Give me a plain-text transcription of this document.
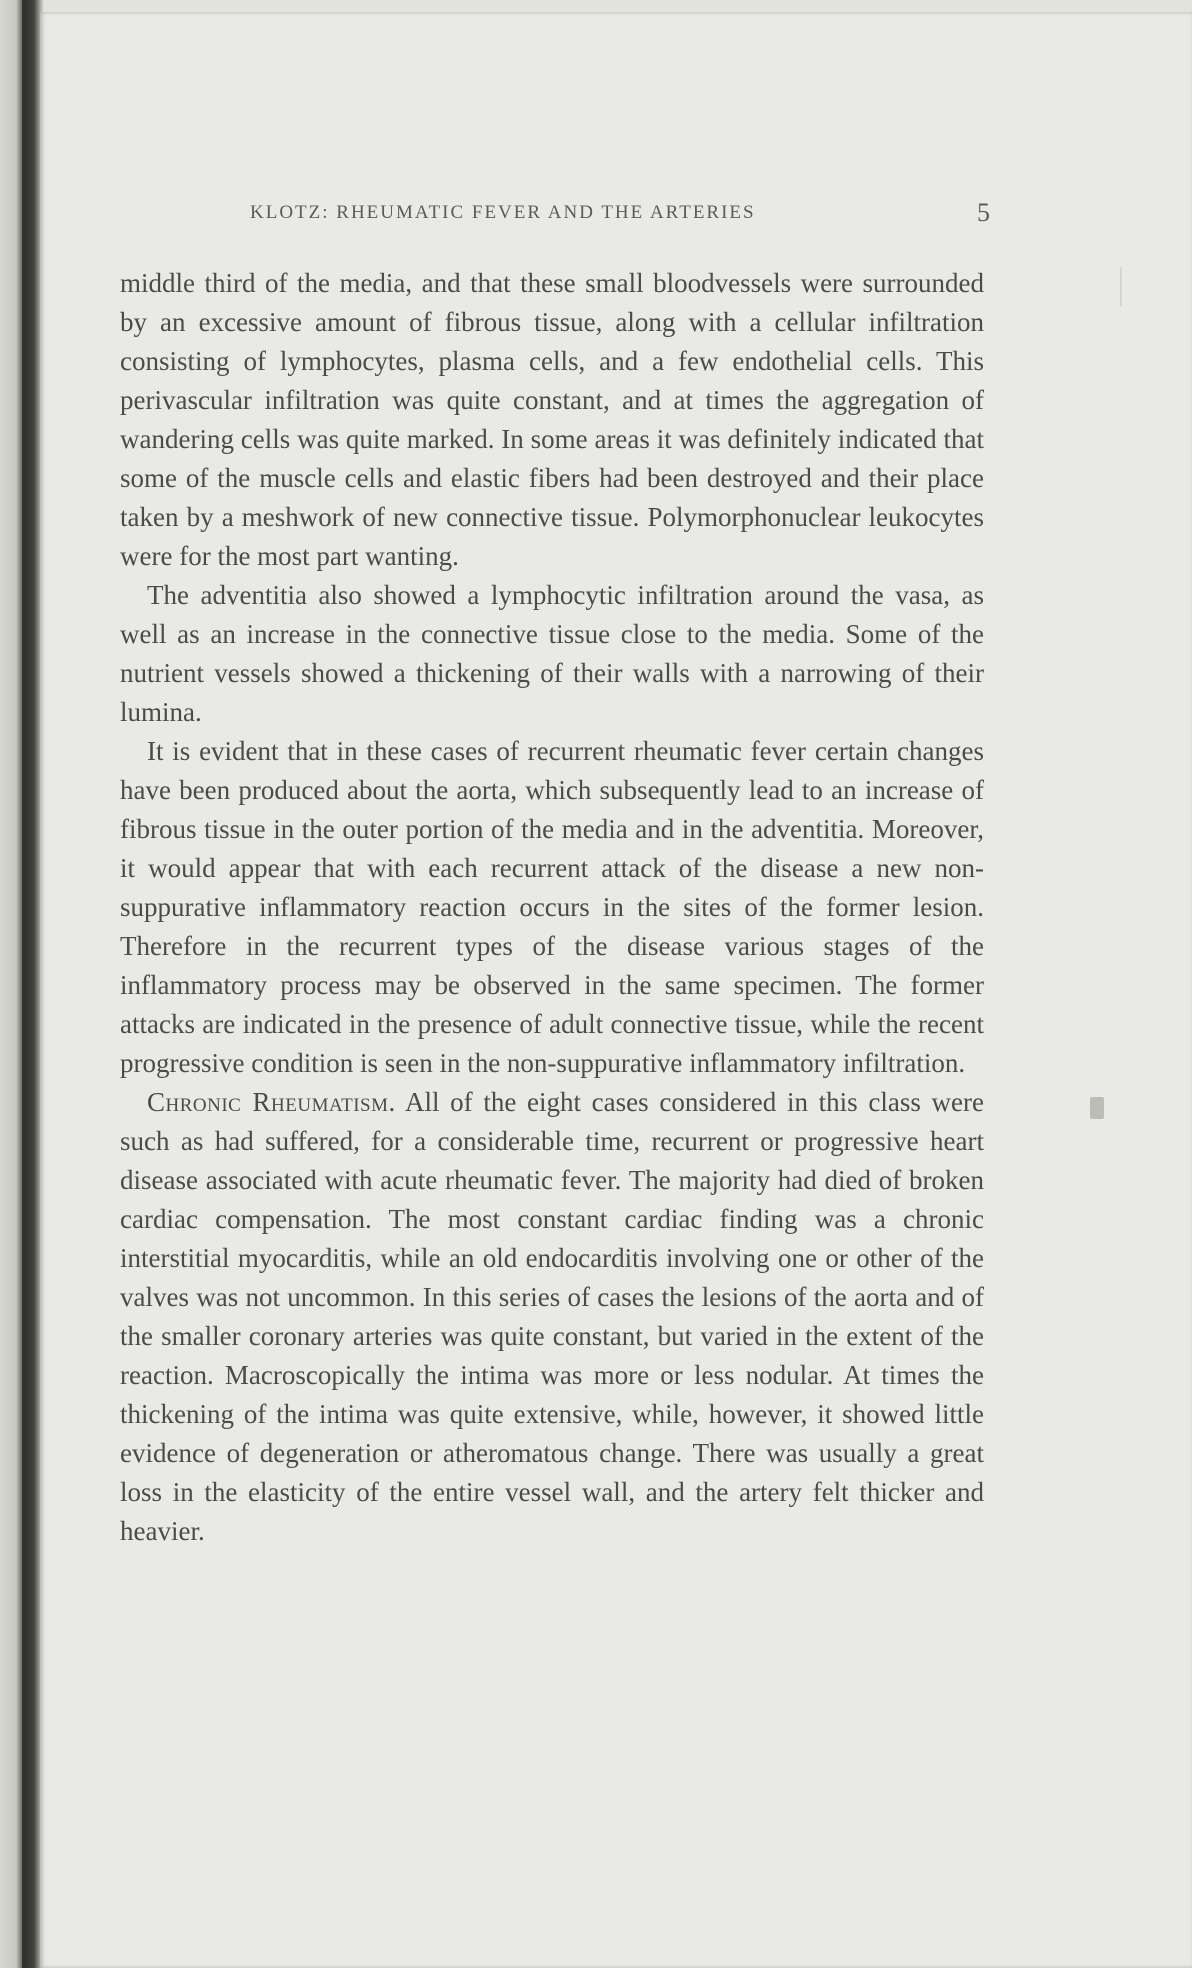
KLOTZ: RHEUMATIC FEVER AND THE ARTERIES	5

middle third of the media, and that these small bloodvessels were surrounded by an excessive amount of fibrous tissue, along with a cellular infiltration consisting of lymphocytes, plasma cells, and a few endothelial cells. This perivascular infiltration was quite constant, and at times the aggregation of wandering cells was quite marked. In some areas it was definitely indicated that some of the muscle cells and elastic fibers had been destroyed and their place taken by a meshwork of new connective tissue. Polymorphonuclear leukocytes were for the most part wanting.

The adventitia also showed a lymphocytic infiltration around the vasa, as well as an increase in the connective tissue close to the media. Some of the nutrient vessels showed a thickening of their walls with a narrowing of their lumina.

It is evident that in these cases of recurrent rheumatic fever certain changes have been produced about the aorta, which subsequently lead to an increase of fibrous tissue in the outer portion of the media and in the adventitia. Moreover, it would appear that with each recurrent attack of the disease a new non-suppurative inflammatory reaction occurs in the sites of the former lesion. Therefore in the recurrent types of the disease various stages of the inflammatory process may be observed in the same specimen. The former attacks are indicated in the presence of adult connective tissue, while the recent progressive condition is seen in the non-suppurative inflammatory infiltration.

Chronic Rheumatism. All of the eight cases considered in this class were such as had suffered, for a considerable time, recurrent or progressive heart disease associated with acute rheumatic fever. The majority had died of broken cardiac compensation. The most constant cardiac finding was a chronic interstitial myocarditis, while an old endocarditis involving one or other of the valves was not uncommon. In this series of cases the lesions of the aorta and of the smaller coronary arteries was quite constant, but varied in the extent of the reaction. Macroscopically the intima was more or less nodular. At times the thickening of the intima was quite extensive, while, however, it showed little evidence of degeneration or atheromatous change. There was usually a great loss in the elasticity of the entire vessel wall, and the artery felt thicker and heavier.
